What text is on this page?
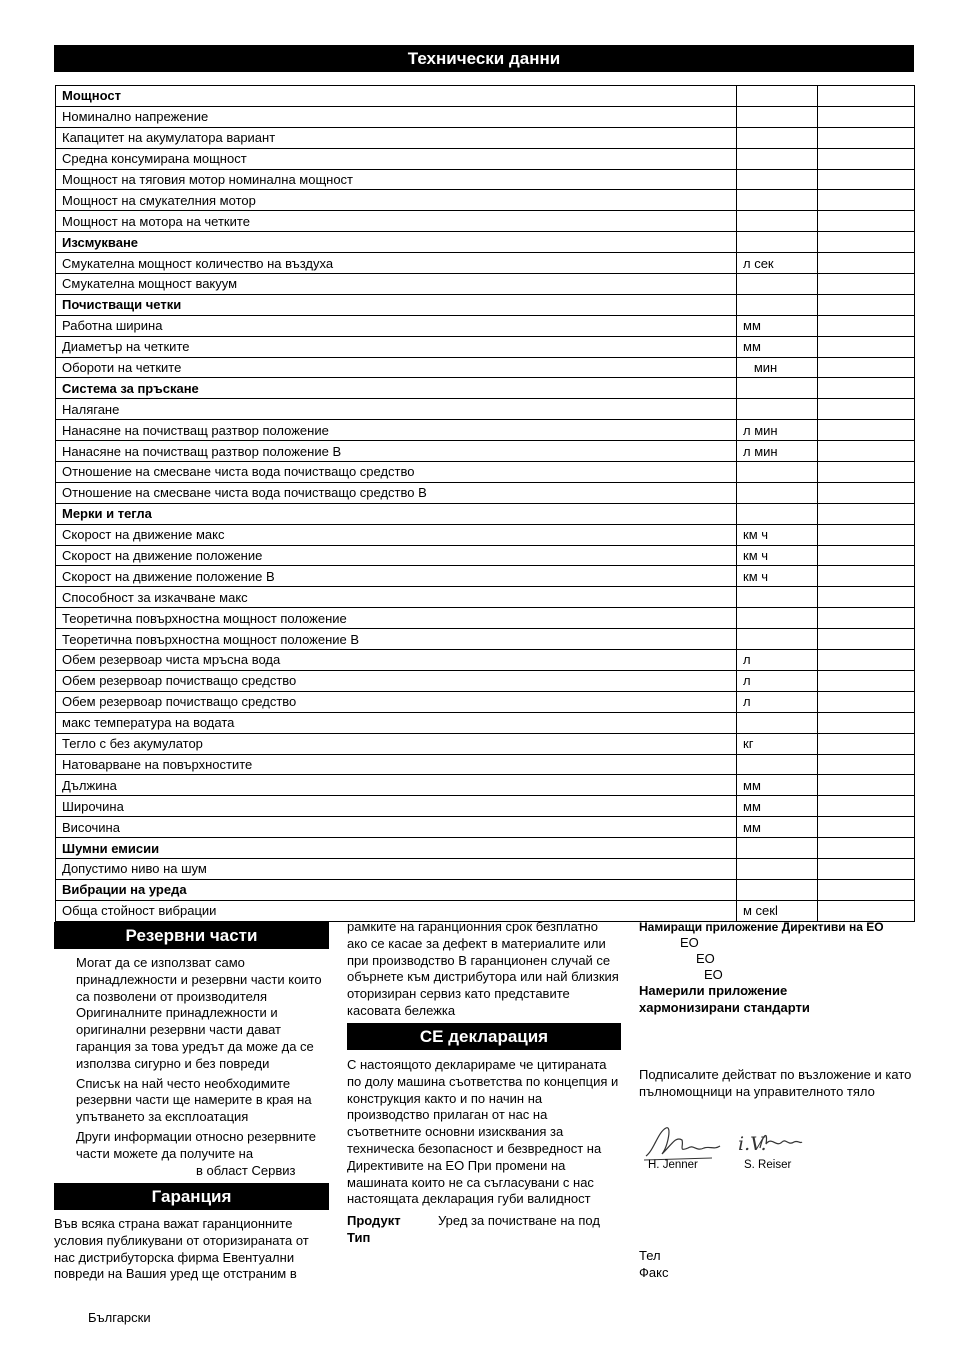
Технически данни
Мощност		
Номинално напрежение		
Капацитет на акумулатора вариант		
Средна консумирана мощност		
Мощност на тяговия мотор номинална мощност		
Мощност на смукателния мотор		
Мощност на мотора на четките		
Изсмукване		
Смукателна мощност количество на въздуха	л сек	
Смукателна мощност вакуум		
Почистващи четки		
Работна ширина	мм	
Диаметър на четките	мм	
Обороти на четките	мин	
Система за пръскане		
Налягане		
Нанасяне на почистващ разтвор положение	л мин	
Нанасяне на почистващ разтвор положение B	л мин	
Отношение на смесване чиста вода почистващо средство		
Отношение на смесване чиста вода почистващо средство B		
Мерки и тегла		
Скорост на движение макс	км ч	
Скорост на движение положение	км ч	
Скорост на движение положение B	км ч	
Способност за изкачване макс		
Теоретична повърхностна мощност положение		
Теоретична повърхностна мощност положение B		
Обем резервоар чиста мръсна вода	л	
Обем резервоар почистващо средство	л	
Обем резервоар почистващо средство	л	
макс температура на водата		
Тегло с без акумулатор	кг	
Натоварване на повърхностите		
Дължина	мм	
Широчина	мм	
Височина	мм	
Шумни емисии		
Допустимо ниво на шум		
Вибрации на уреда		
Обща стойност вибрации	м секl	
Резервни части

Могат да се използват само принадлежности и резервни части които са позволени от производителя Оригиналните принадлежности и оригинални резервни части дават гаранция за това уредът да може да се използва сигурно и без повреди

Списък на най често необходимите резервни части ще намерите в края на упътването за експлоатация

Други информации относно резервните части можете да получите на

в област Сервиз

Гаранция
Във всяка страна важат гаранционните условия публикувани от оторизираната от нас дистрибуторска фирма Евентуални повреди на Вашия уред ще отстраним в
Български
рамките на гаранционния срок безплатно ако се касае за дефект в материалите или при производство В гаранционен случай се обърнете към дистрибутора или най близкия оторизиран сервиз като представите касовата бележка
CE декларация
С настоящото декларираме че цитираната по долу машина съответства по концепция и конструкция както и по начин на производство прилаган от нас на съответните основни изисквания за техническа безопасност и безвредност на Директивите на ЕО При промени на машината които не са съгласувани с нас настоящата декларация губи валидност
Продукт	Уред за почистване на под
Тип
Намиращи приложение Директиви на ЕО
ЕО
ЕО
ЕО
Намерили приложение хармонизирани стандарти
Подписалите действат по възложение и като пълномощници на управителното тяло
i.V.
H. Jenner	S. Reiser
Тел
Факс
